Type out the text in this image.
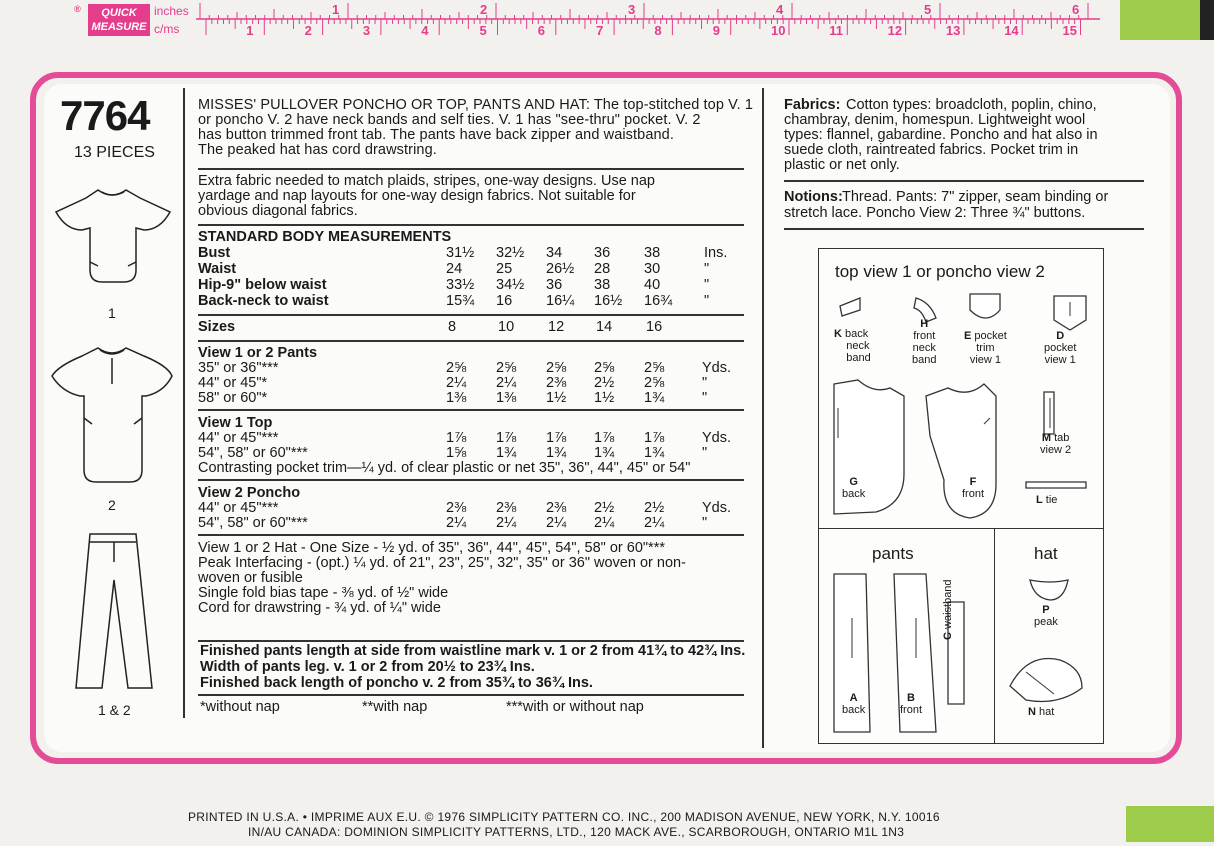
®	QUICK
MEASURE
inches
c/ms
1	2	3	4	5	6
1	2	3	4	5	6	7	8	9	10	11	12	13	14	15
7764
13 PIECES
1
2
1 & 2	*without nap	**with nap	***with or without nap
top view 1 or poncho view 2
pants	hat
K back
neck
band
H
front
neck
band
E pocket
trim
view 1
D
pocket
view 1
M tab
view 2
G
back
F
front	L tie
A
back
B
front
C waistband	P
peak
N hat
PRINTED IN U.S.A. • IMPRIME AUX E.U. © 1976 SIMPLICITY PATTERN CO. INC., 200 MADISON AVENUE, NEW YORK, N.Y. 10016
IN/AU CANADA: DOMINION SIMPLICITY PATTERNS, LTD., 120 MACK AVE., SCARBOROUGH, ONTARIO M1L 1N3
MISSES' PULLOVER PONCHO OR TOP, PANTS AND HAT: The top-stitched top V. 1
or poncho V. 2 have neck bands and self ties. V. 1 has "see-thru" pocket. V. 2
has button trimmed front tab. The pants have back zipper and waistband.
The peaked hat has cord drawstring.
Extra fabric needed to match plaids, stripes, one-way designs. Use nap
yardage and nap layouts for one-way design fabrics. Not suitable for
obvious diagonal fabrics.
STANDARD BODY MEASUREMENTS
Bust	31½ 32½ 34 36 38	Ins.
Waist	24 25 26½ 28 30	"
Hip-9" below waist	33½ 34½ 36 38 40	"
Back-neck to waist	15¾ 16 16¼ 16½ 16¾ "
Sizes	8	10 12 14 16
View 1 or 2 Pants
35" or 36"***	2⅝ 2⅝ 2⅝ 2⅝ 2⅝	Yds.
44" or 45"*	2¼ 2¼ 2⅜ 2½ 2⅝	"
58" or 60"*	1⅜ 1⅜ 1½ 1½ 1¾	"
View 1 Top
44" or 45"***	1⅞ 1⅞ 1⅞ 1⅞ 1⅞	Yds.
54", 58" or 60"***	1⅝ 1¾ 1¾ 1¾ 1¾	"
Contrasting pocket trim—¼ yd. of clear plastic or net 35", 36", 44", 45" or 54"
View 2 Poncho
44" or 45"***	2⅜ 2⅜ 2⅜ 2½ 2½	Yds.
54", 58" or 60"***	2¼ 2¼ 2¼ 2¼ 2¼	"
View 1 or 2 Hat - One Size - ½ yd. of 35", 36", 44", 45", 54", 58" or 60"***
Peak Interfacing - (opt.) ¼ yd. of 21", 23", 25", 32", 35" or 36" woven or non-
woven or fusible
Single fold bias tape - ⅜ yd. of ½" wide
Cord for drawstring - ¾ yd. of ¼" wide
Finished pants length at side from waistline mark v. 1 or 2 from 41¾ to 42¾ Ins.
Width of pants leg. v. 1 or 2 from 20½ to 23¾ Ins.
Finished back length of poncho v. 2 from 35¾ to 36¾ Ins.
Fabrics: Cotton types: broadcloth, poplin, chino,
chambray, denim, homespun. Lightweight wool
types: flannel, gabardine. Poncho and hat also in
suede cloth, raintreated fabrics. Pocket trim in
plastic or net only.
Notions: Thread. Pants: 7" zipper, seam binding or
stretch lace. Poncho View 2: Three ¾" buttons.
